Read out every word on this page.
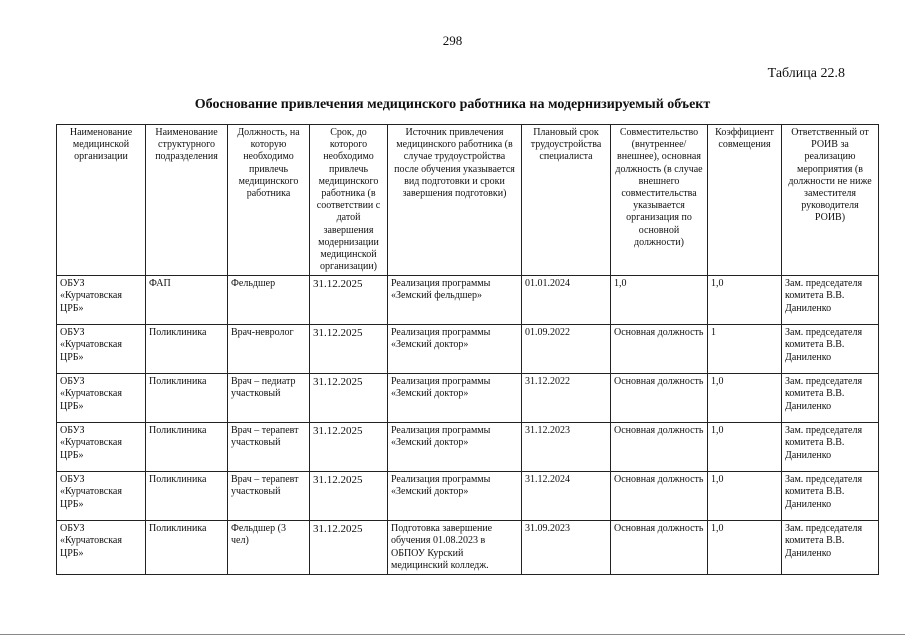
298
Таблица 22.8
Обоснование привлечения медицинского работника на модернизируемый объект
Наименование медицинской организации	Наименование структурного подразделения	Должность, на которую необходимо привлечь медицинского работника	Срок, до которого необходимо привлечь медицинского работника (в соответствии с датой завершения модернизации медицинской организации)	Источник привлечения медицинского работника (в случае трудоустройства после обучения указывается вид подготовки и сроки завершения подготовки)	Плановый срок трудоустройства специалиста	Совместительство (внутреннее/внешнее), основная должность (в случае внешнего совместительства указывается организация по основной должности)	Коэффициент совмещения	Ответственный от РОИВ за реализацию мероприятия (в должности не ниже заместителя руководителя РОИВ)
ОБУЗ «Курчатовская ЦРБ»	ФАП	Фельдшер	31.12.2025	Реализация программы «Земский фельдшер»	01.01.2024	1,0	1,0	Зам. председателя комитета В.В. Даниленко
ОБУЗ «Курчатовская ЦРБ»	Поликлиника	Врач-невролог	31.12.2025	Реализация программы «Земский доктор»	01.09.2022	Основная должность	1	Зам. председателя комитета В.В. Даниленко
ОБУЗ «Курчатовская ЦРБ»	Поликлиника	Врач – педиатр участковый	31.12.2025	Реализация программы «Земский доктор»	31.12.2022	Основная должность	1,0	Зам. председателя комитета В.В. Даниленко
ОБУЗ «Курчатовская ЦРБ»	Поликлиника	Врач – терапевт участковый	31.12.2025	Реализация программы «Земский доктор»	31.12.2023	Основная должность	1,0	Зам. председателя комитета В.В. Даниленко
ОБУЗ «Курчатовская ЦРБ»	Поликлиника	Врач – терапевт участковый	31.12.2025	Реализация программы «Земский доктор»	31.12.2024	Основная должность	1,0	Зам. председателя комитета В.В. Даниленко
ОБУЗ «Курчатовская ЦРБ»	Поликлиника	Фельдшер (3 чел)	31.12.2025	Подготовка завершение обучения 01.08.2023 в ОБПОУ Курский медицинский колледж.	31.09.2023	Основная должность	1,0	Зам. председателя комитета В.В. Даниленко
